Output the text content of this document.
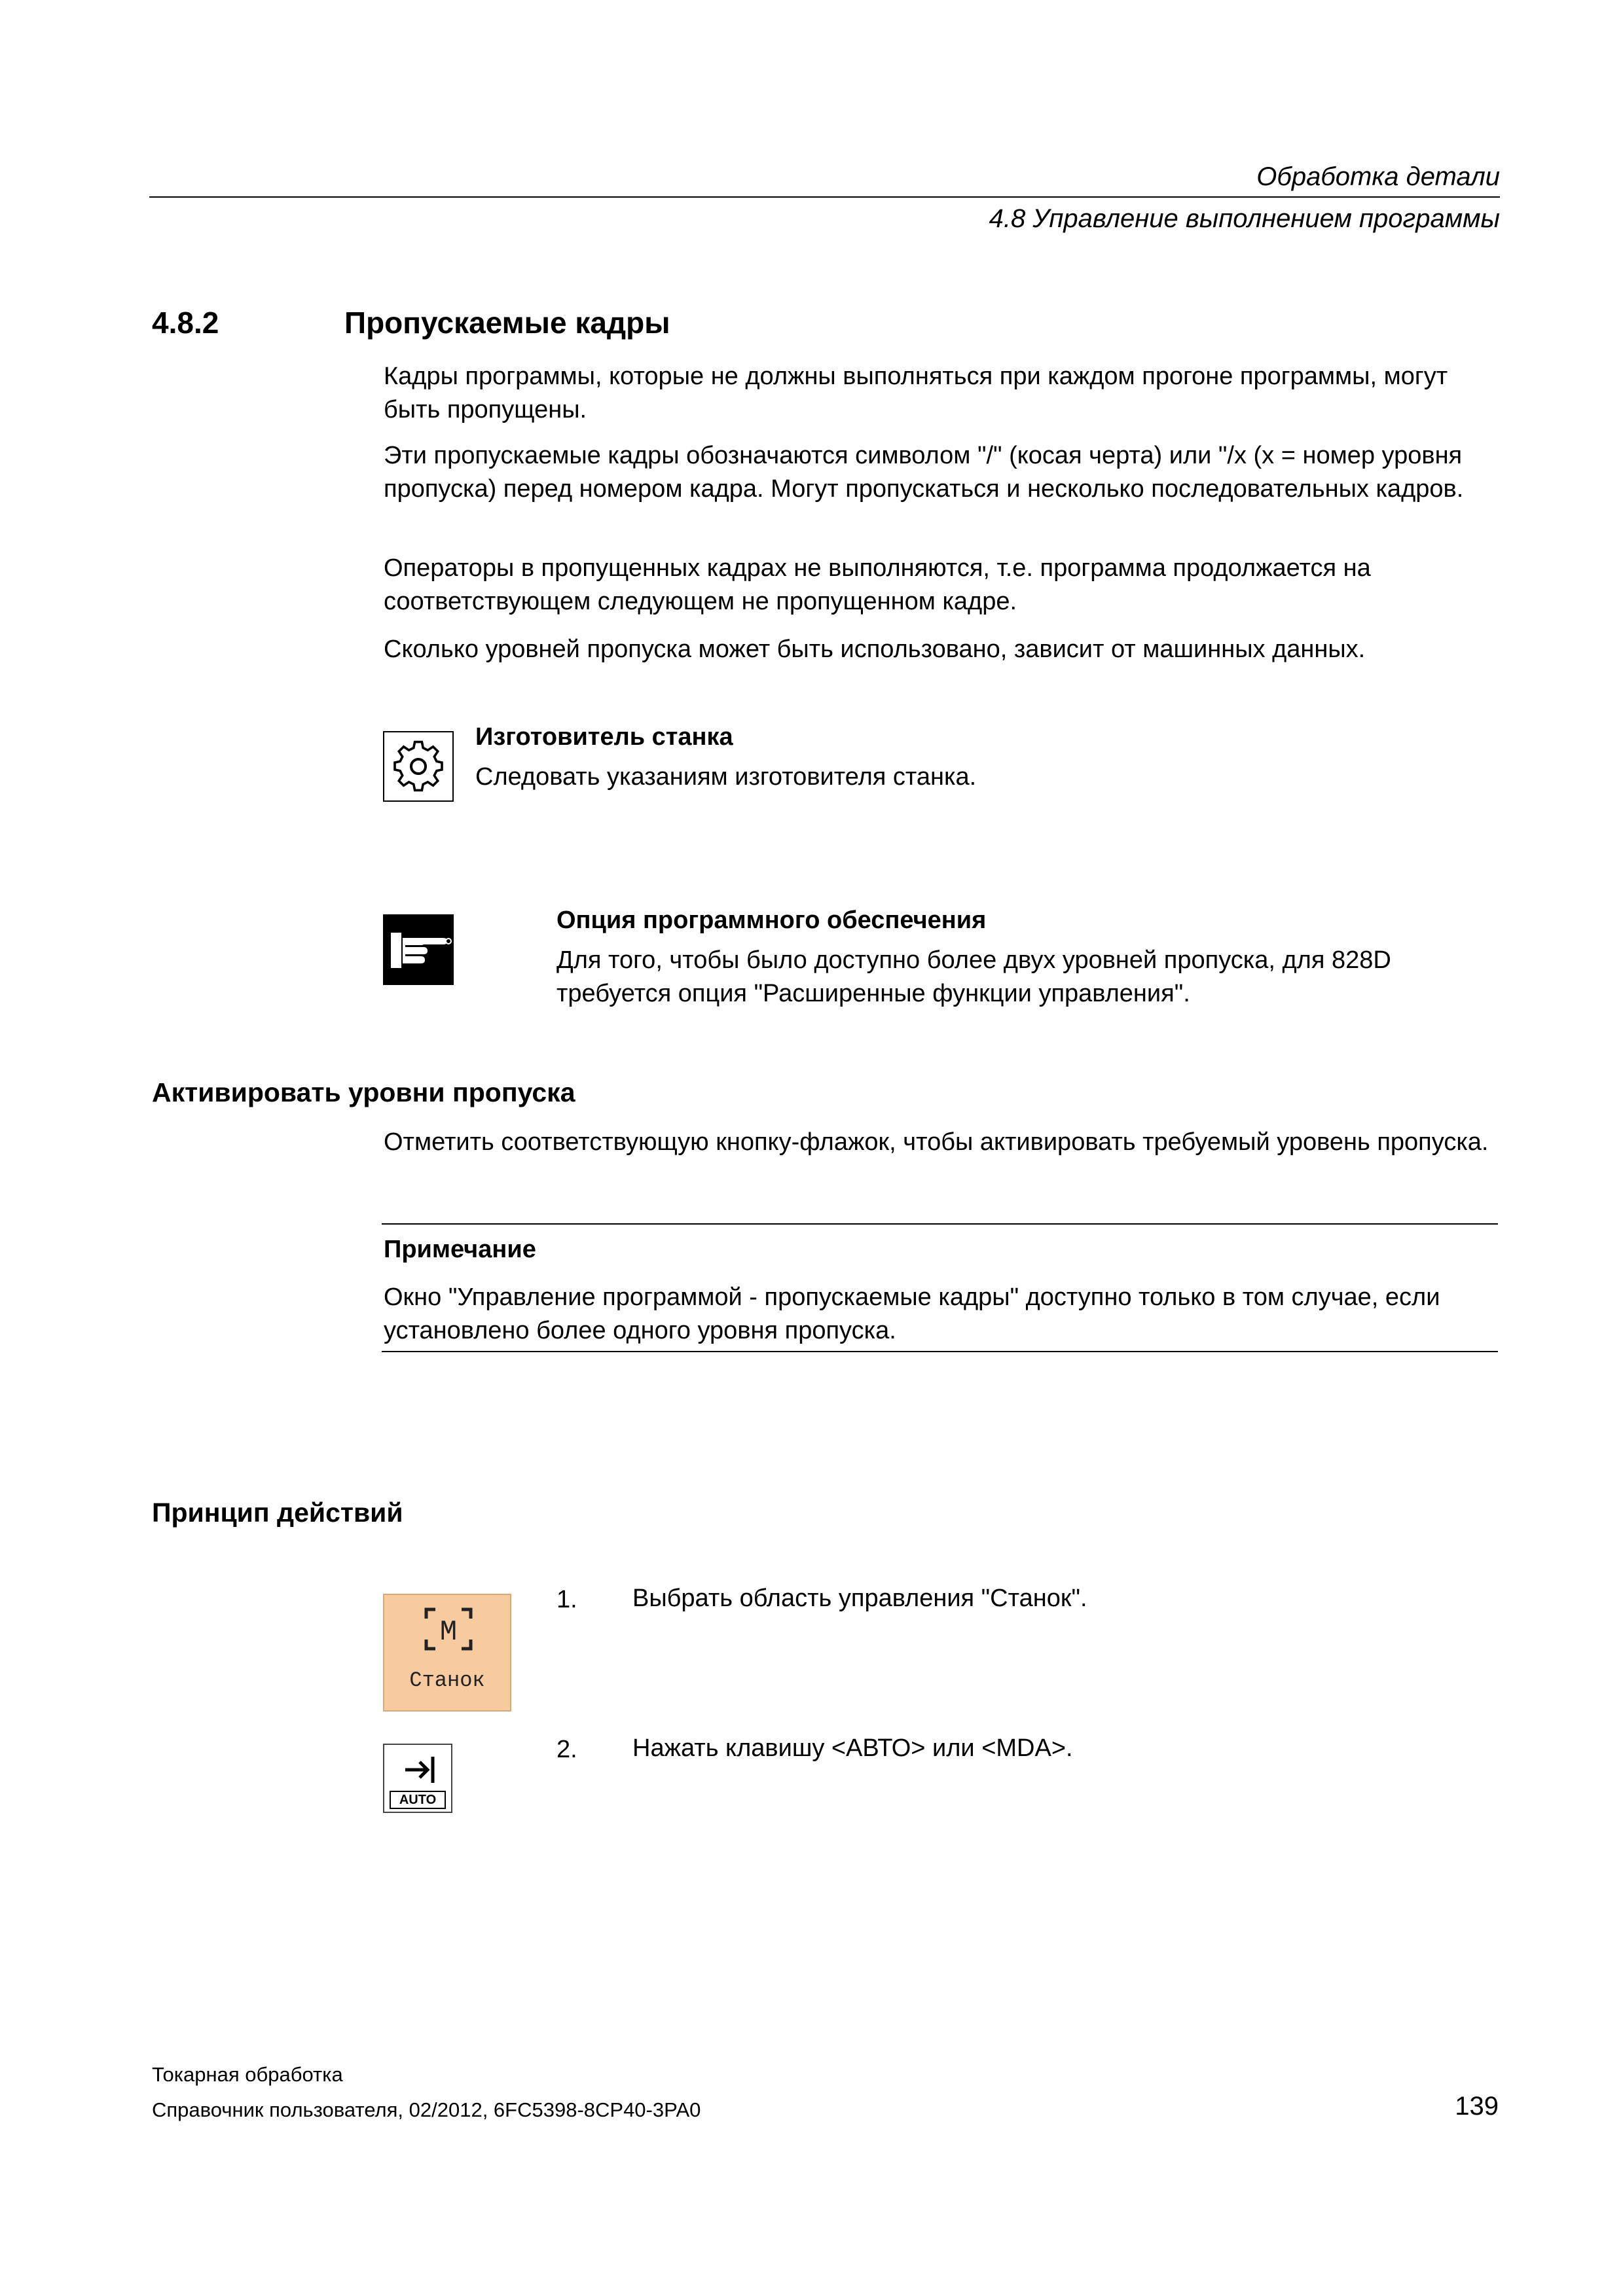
Обработка детали
4.8 Управление выполнением программы
4.8.2	Пропускаемые кадры
Кадры программы, которые не должны выполняться при каждом прогоне программы, могут быть пропущены.
Эти пропускаемые кадры обозначаются символом "/" (косая черта) или "/x (x = номер уровня пропуска) перед номером кадра. Могут пропускаться и несколько последовательных кадров.
Операторы в пропущенных кадрах не выполняются, т.е. программа продолжается на соответствующем следующем не пропущенном кадре.
Сколько уровней пропуска может быть использовано, зависит от машинных данных.
Изготовитель станка
Следовать указаниям изготовителя станка.
Опция программного обеспечения
Для того, чтобы было доступно более двух уровней пропуска, для 828D требуется опция "Расширенные функции управления".
Активировать уровни пропуска
Отметить соответствующую кнопку-флажок, чтобы активировать требуемый уровень пропуска.
Примечание
Окно "Управление программой - пропускаемые кадры" доступно только в том случае, если установлено более одного уровня пропуска.
Принцип действий
M
Станок
1. Выбрать область управления "Станок".
AUTO
2. Нажать клавишу <АВТО> или <MDA>.
Токарная обработка
Справочник пользователя, 02/2012, 6FC5398-8CP40-3PA0	139
